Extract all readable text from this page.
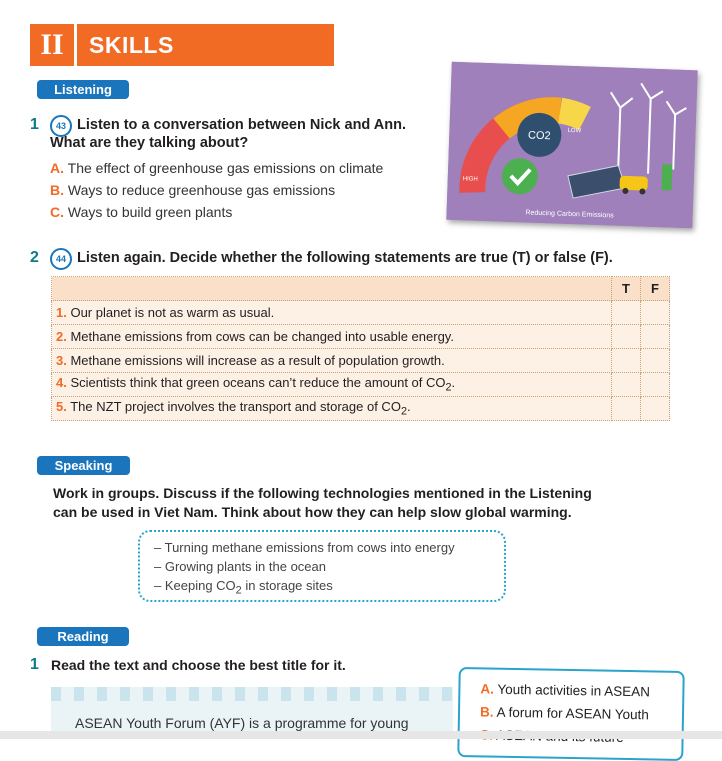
II	SKILLS
Listening
1 43 Listen to a conversation between Nick and Ann.
What are they talking about?
A. The effect of greenhouse gas emissions on climate
B. Ways to reduce greenhouse gas emissions
C. Ways to build green plants
CO2
HIGH
LOW
Reducing Carbon Emissions
2 44 Listen again. Decide whether the following statements are true (T) or false (F).
	T	F
1. Our planet is not as warm as usual.		
2. Methane emissions from cows can be changed into usable energy.		
3. Methane emissions will increase as a result of population growth.		
4. Scientists think that green oceans can’t reduce the amount of $CO_2$.		
5. The NZT project involves the transport and storage of $CO_2$.		
Speaking
Work in groups. Discuss if the following technologies mentioned in the Listening
can be used in Viet Nam. Think about how they can help slow global warming.
– Turning methane emissions from cows into energy
– Growing plants in the ocean
– Keeping $CO_2$ in storage sites
Reading
1 Read the text and choose the best title for it.
ASEAN Youth Forum (AYF) is a programme for young
A. Youth activities in ASEAN
B. A forum for ASEAN Youth
